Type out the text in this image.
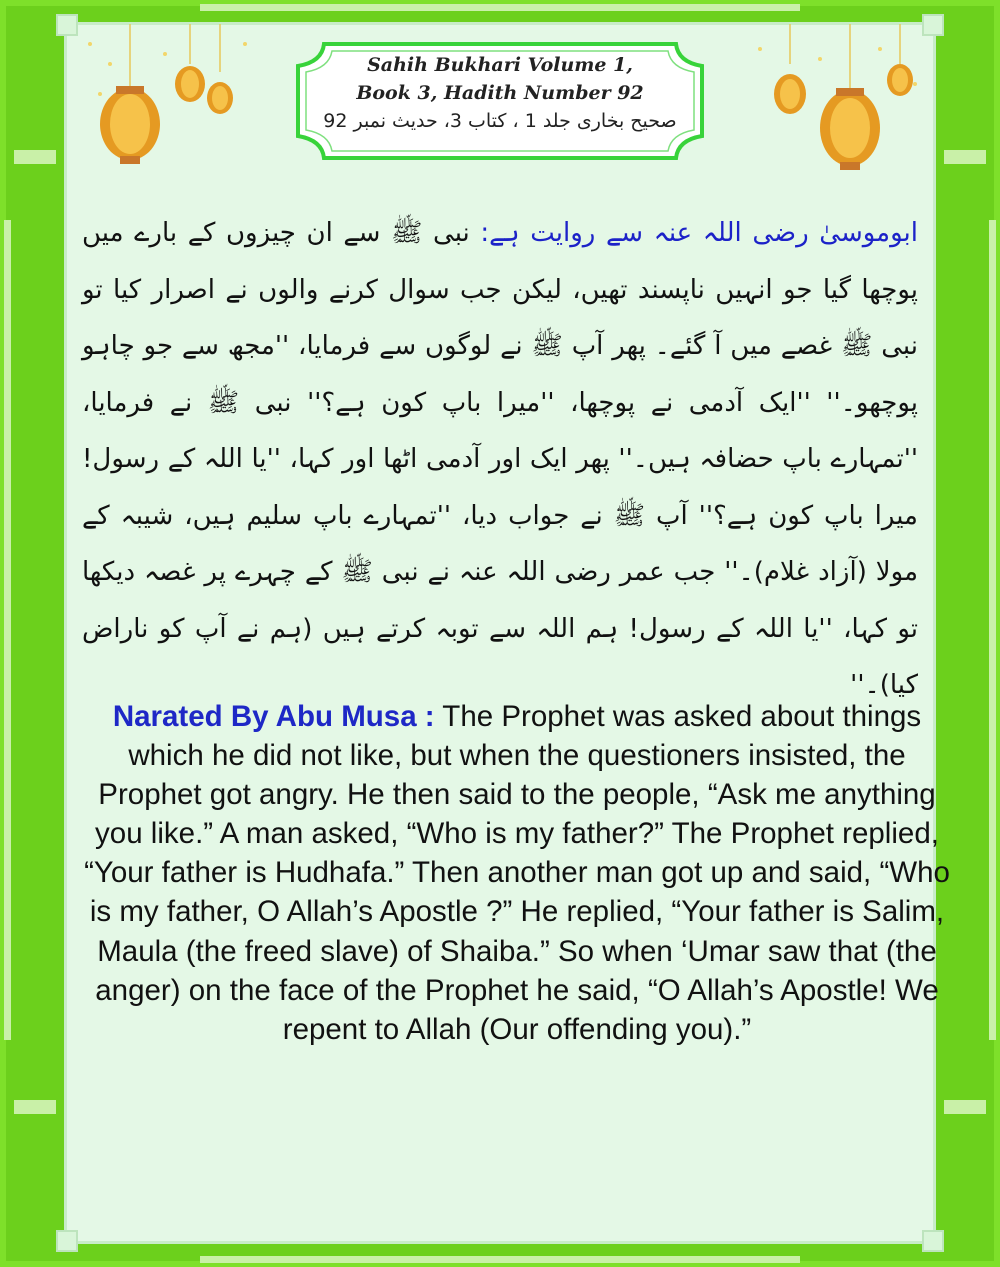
Sahih Bukhari Volume 1,
Book 3, Hadith Number 92
صحیح بخاری جلد 1 ، کتاب 3، حدیث نمبر 92
ابوموسیٰ رضی اللہ عنہ سے روایت ہے: نبی ﷺ سے ان چیزوں کے بارے میں پوچھا گیا جو انہیں ناپسند تھیں، لیکن جب سوال کرنے والوں نے اصرار کیا تو نبی ﷺ غصے میں آ گئے۔ پھر آپ ﷺ نے لوگوں سے فرمایا، ''مجھ سے جو چاہو پوچھو۔'' ''ایک آدمی نے پوچھا، ''میرا باپ کون ہے؟'' نبی ﷺ نے فرمایا، ''تمہارے باپ حضافہ ہیں۔'' پھر ایک اور آدمی اٹھا اور کہا، ''یا اللہ کے رسول! میرا باپ کون ہے؟'' آپ ﷺ نے جواب دیا، ''تمہارے باپ سلیم ہیں، شیبہ کے مولا (آزاد غلام)۔'' جب عمر رضی اللہ عنہ نے نبی ﷺ کے چہرے پر غصہ دیکھا تو کہا، ''یا اللہ کے رسول! ہم اللہ سے توبہ کرتے ہیں (ہم نے آپ کو ناراض کیا)۔''
Narated By Abu Musa : The Prophet was asked about things which he did not like, but when the questioners insisted, the Prophet got angry. He then said to the people, “Ask me anything you like.” A man asked, “Who is my father?” The Prophet replied, “Your father is Hudhafa.” Then another man got up and said, “Who is my father, O Allah’s Apostle ?” He replied, “Your father is Salim, Maula (the freed slave) of Shaiba.” So when ‘Umar saw that (the anger) on the face of the Prophet he said, “O Allah’s Apostle! We repent to Allah (Our offending you).”
